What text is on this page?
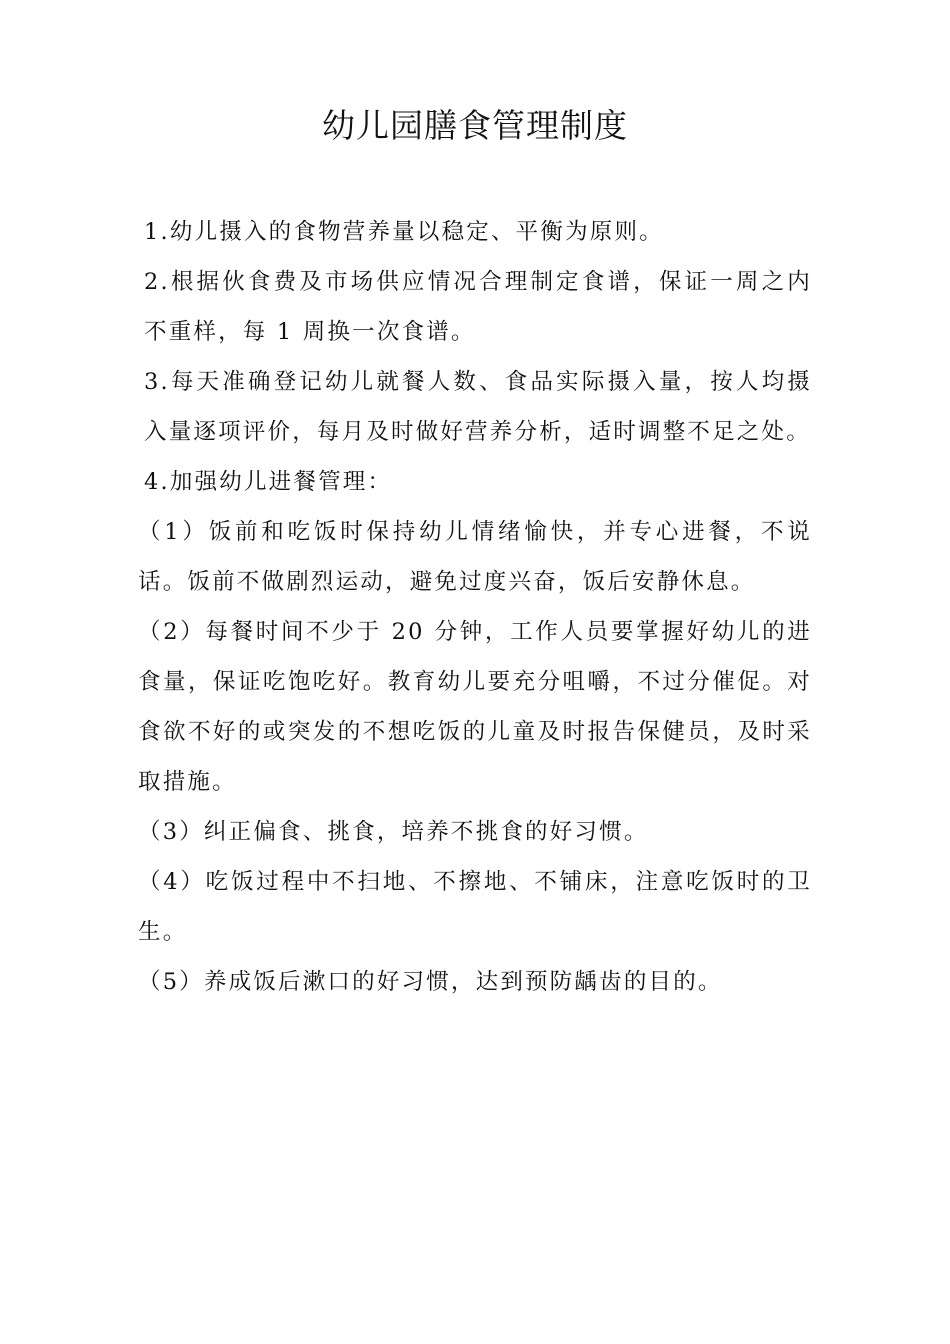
幼儿园膳食管理制度

1.幼儿摄入的食物营养量以稳定、平衡为原则。

2.根据伙食费及市场供应情况合理制定食谱，保证一周之内不重样，每 1 周换一次食谱。

3.每天准确登记幼儿就餐人数、食品实际摄入量，按人均摄入量逐项评价，每月及时做好营养分析，适时调整不足之处。

4.加强幼儿进餐管理：

（1）饭前和吃饭时保持幼儿情绪愉快，并专心进餐，不说话。饭前不做剧烈运动，避免过度兴奋，饭后安静休息。

（2）每餐时间不少于 20 分钟，工作人员要掌握好幼儿的进食量，保证吃饱吃好。教育幼儿要充分咀嚼，不过分催促。对食欲不好的或突发的不想吃饭的儿童及时报告保健员，及时采取措施。

（3）纠正偏食、挑食，培养不挑食的好习惯。

（4）吃饭过程中不扫地、不擦地、不铺床，注意吃饭时的卫生。

（5）养成饭后漱口的好习惯，达到预防龋齿的目的。
